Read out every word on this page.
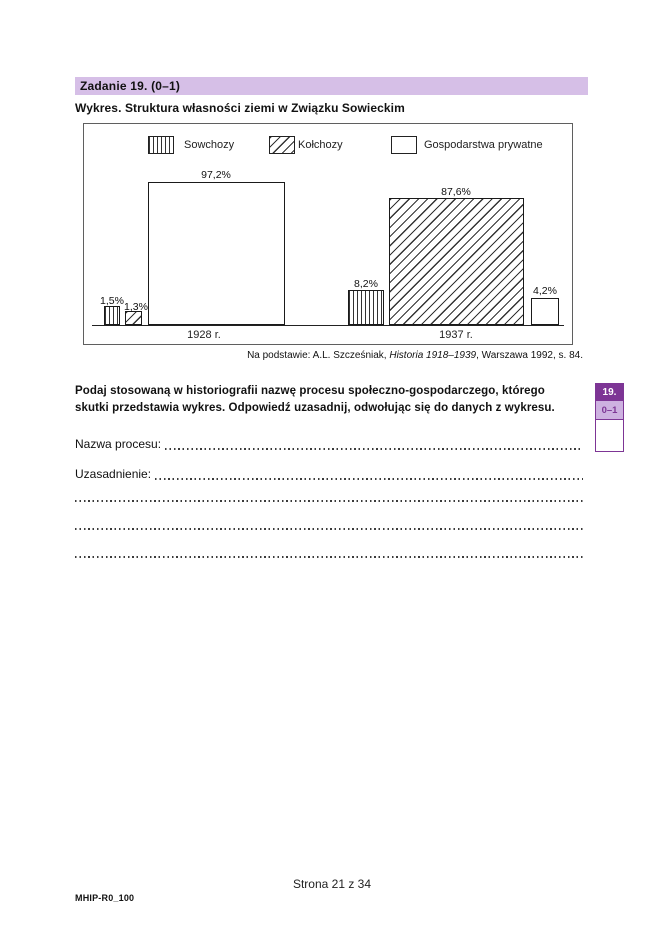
Zadanie 19. (0–1)
Wykres. Struktura własności ziemi w Związku Sowieckim
Sowchozy	Kołchozy	Gospodarstwa prywatne
1,5% 1,3%
97,2%
8,2%
87,6%
4,2%
1928 r.	1937 r.
Na podstawie: A.L. Szcześniak, Historia 1918–1939, Warszawa 1992, s. 84.
Podaj stosowaną w historiografii nazwę procesu społeczno-gospodarczego, którego
skutki przedstawia wykres. Odpowiedź uzasadnij, odwołując się do danych z wykresu.
19.
0–1
Nazwa procesu:
Uzasadnienie:
Strona 21 z 34
MHIP-R0_100
